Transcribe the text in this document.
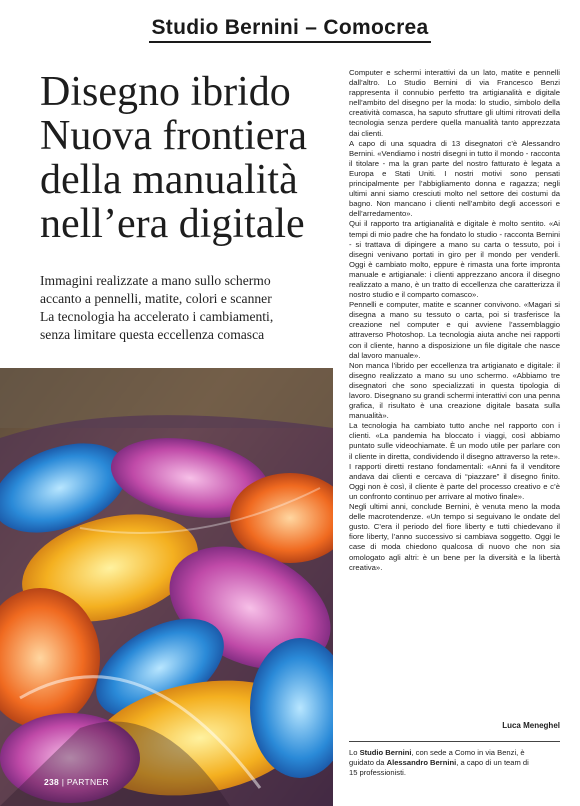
Studio Bernini – Comocrea
Disegno ibrido
Nuova frontiera
della manualità
nell’era digitale
Immagini realizzate a mano sullo schermo
accanto a pennelli, matite, colori e scanner
La tecnologia ha accelerato i cambiamenti,
senza limitare questa eccellenza comasca
238 | PARTNER

Computer e schermi interattivi da un lato, matite e pennelli dall’altro. Lo Studio Bernini di via Francesco Benzi rappresenta il connubio perfetto tra artigianalità e digitale nell’ambito del disegno per la moda: lo studio, simbolo della creatività comasca, ha saputo sfruttare gli ultimi ritrovati della tecnologia senza perdere quella manualità tanto apprezzata dai clienti.

A capo di una squadra di 13 disegnatori c’è Alessandro Bernini. «Vendiamo i nostri disegni in tutto il mondo - racconta il titolare - ma la gran parte del nostro fatturato è legata a Europa e Stati Uniti. I nostri motivi sono pensati principalmente per l’abbigliamento donna e ragazza; negli ultimi anni siamo cresciuti molto nel settore dei costumi da bagno. Non mancano i clienti nell’ambito degli accessori e dell’arredamento».

Qui il rapporto tra artigianalità e digitale è molto sentito. «Ai tempi di mio padre che ha fondato lo studio - racconta Bernini - si trattava di dipingere a mano su carta o tessuto, poi i disegni venivano portati in giro per il mondo per venderli. Oggi è cambiato molto, eppure è rimasta una forte impronta manuale e artigianale: i clienti apprezzano ancora il disegno realizzato a mano, è un tratto di eccellenza che caratterizza il nostro studio e il comparto comasco».

Pennelli e computer, matite e scanner convivono. «Magari si disegna a mano su tessuto o carta, poi si trasferisce la creazione nel computer e qui avviene l’assemblaggio attraverso Photoshop. La tecnologia aiuta anche nei rapporti con il cliente, hanno a disposizione un file digitale che nasce dal lavoro manuale».

Non manca l’ibrido per eccellenza tra artigianato e digitale: il disegno realizzato a mano su uno schermo. «Abbiamo tre disegnatori che sono specializzati in questa tipologia di lavoro. Disegnano su grandi schermi interattivi con una penna grafica, il risultato è una creazione digitale basata sulla manualità».

La tecnologia ha cambiato tutto anche nel rapporto con i clienti. «La pandemia ha bloccato i viaggi, così abbiamo puntato sulle videochiamate. È un modo utile per parlare con il cliente in diretta, condividendo il disegno attraverso la rete». I rapporti diretti restano fondamentali: «Anni fa il venditore andava dai clienti e cercava di “piazzare” il disegno finito. Oggi non è così, il cliente è parte del processo creativo e c’è un confronto continuo per arrivare al motivo finale».

Negli ultimi anni, conclude Bernini, è venuta meno la moda delle macrotendenze. «Un tempo si seguivano le ondate del gusto. C’era il periodo del fiore liberty e tutti chiedevano il fiore liberty, l’anno successivo si cambiava soggetto. Oggi le case di moda chiedono qualcosa di nuovo che non sia omologato agli altri: è un bene per la diversità e la libertà creativa».

Luca Meneghel
Lo Studio Bernini, con sede a Como in via Benzi, è guidato da Alessandro Bernini, a capo di un team di 15 professionisti.
